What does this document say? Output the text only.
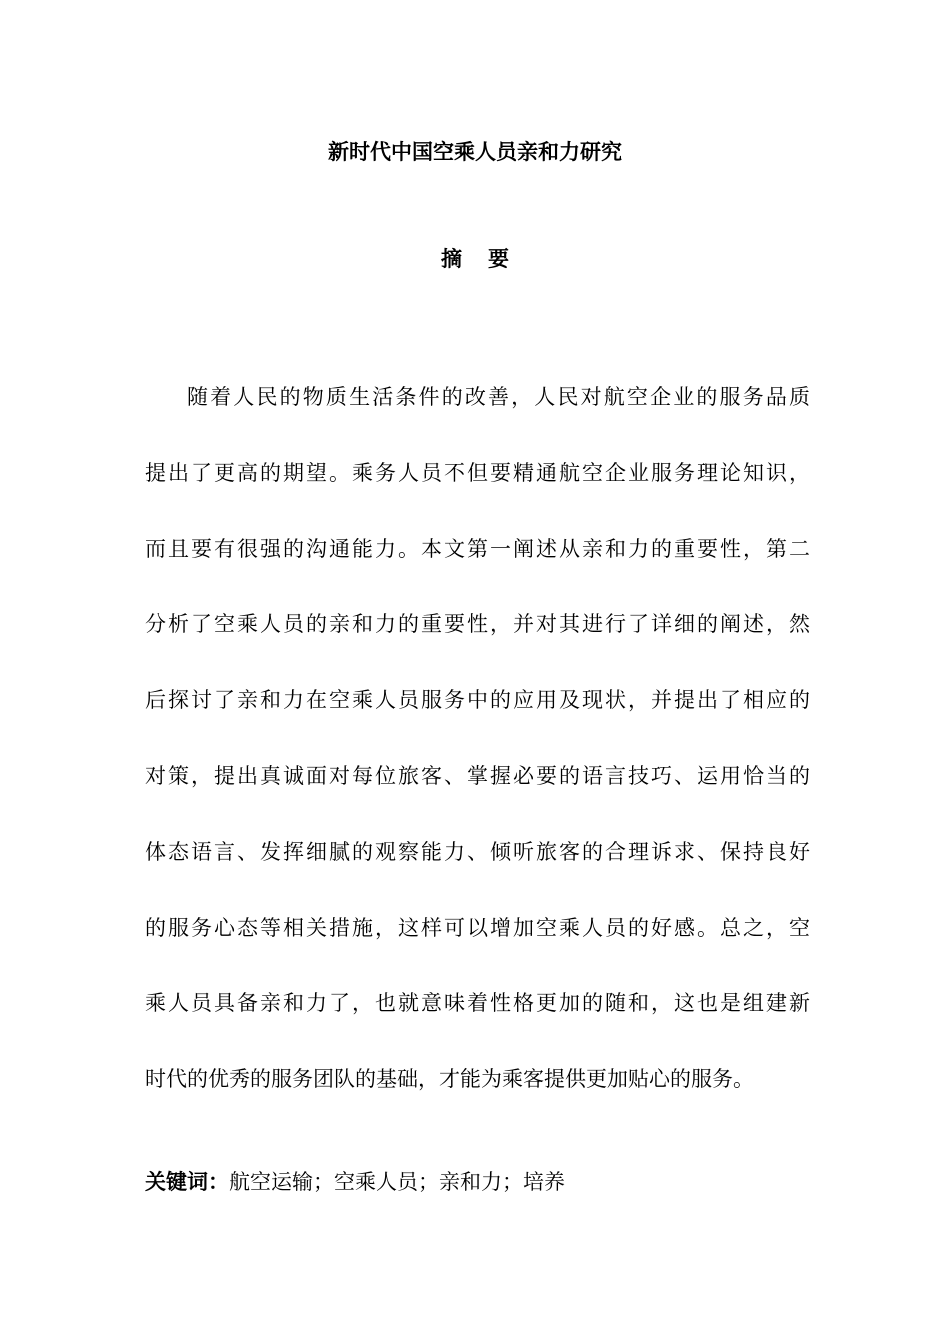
新时代中国空乘人员亲和力研究
摘 要
随着人民的物质生活条件的改善，人民对航空企业的服务品质
提出了更高的期望。乘务人员不但要精通航空企业服务理论知识，
而且要有很强的沟通能力。本文第一阐述从亲和力的重要性，第二
分析了空乘人员的亲和力的重要性，并对其进行了详细的阐述，然
后探讨了亲和力在空乘人员服务中的应用及现状，并提出了相应的
对策，提出真诚面对每位旅客、掌握必要的语言技巧、运用恰当的
体态语言、发挥细腻的观察能力、倾听旅客的合理诉求、保持良好
的服务心态等相关措施，这样可以增加空乘人员的好感。总之，空
乘人员具备亲和力了，也就意味着性格更加的随和，这也是组建新
时代的优秀的服务团队的基础，才能为乘客提供更加贴心的服务。

关键词：航空运输；空乘人员；亲和力；培养
